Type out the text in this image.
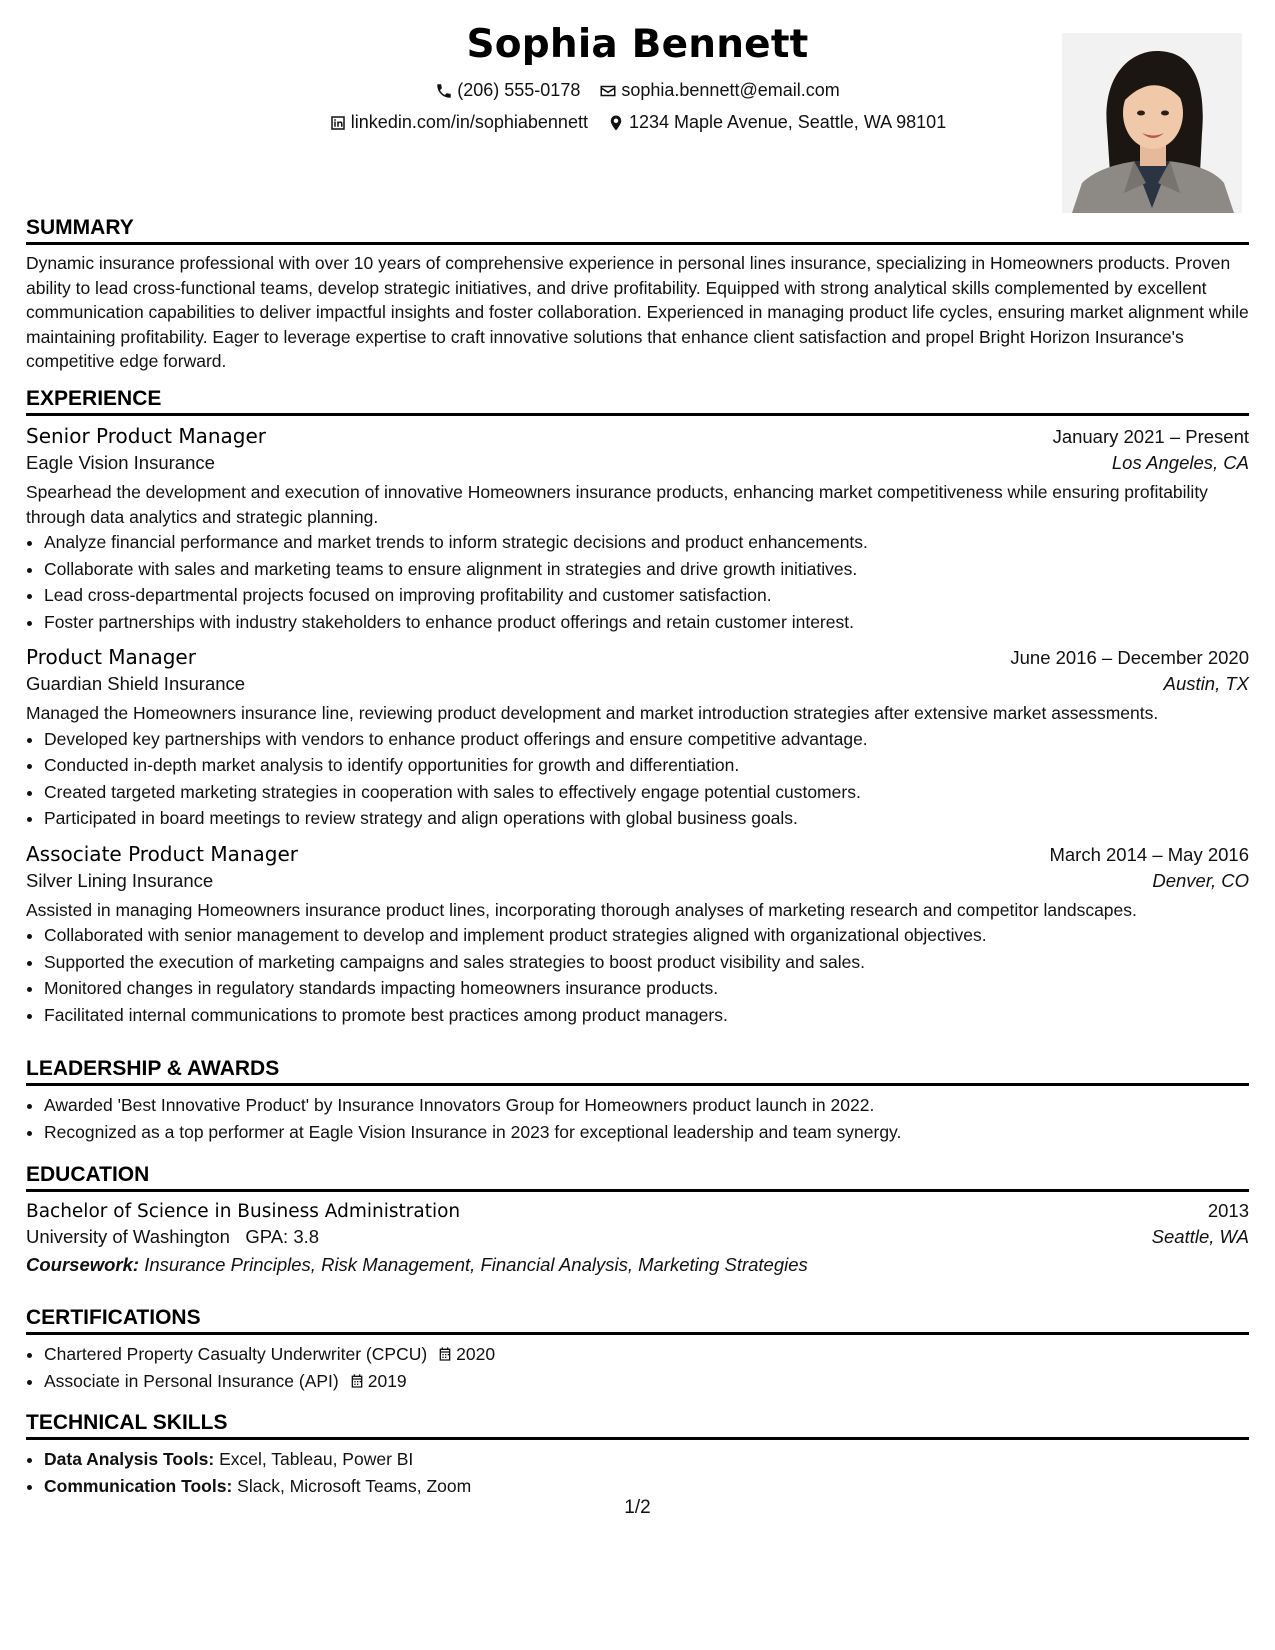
Sophia Bennett
(206) 555-0178
sophia.bennett@email.com
linkedin.com/in/sophiabennett
1234 Maple Avenue, Seattle, WA 98101
SUMMARY
Dynamic insurance professional with over 10 years of comprehensive experience in personal lines insurance, specializing in Homeowners products. Proven ability to lead cross-functional teams, develop strategic initiatives, and drive profitability. Equipped with strong analytical skills complemented by excellent communication capabilities to deliver impactful insights and foster collaboration. Experienced in managing product life cycles, ensuring market alignment while maintaining profitability. Eager to leverage expertise to craft innovative solutions that enhance client satisfaction and propel Bright Horizon Insurance's competitive edge forward.
EXPERIENCE
Senior Product Manager	January 2021 – Present
Eagle Vision Insurance	Los Angeles, CA
Spearhead the development and execution of innovative Homeowners insurance products, enhancing market competitiveness while ensuring profitability through data analytics and strategic planning.
• Analyze financial performance and market trends to inform strategic decisions and product enhancements.
• Collaborate with sales and marketing teams to ensure alignment in strategies and drive growth initiatives.
• Lead cross-departmental projects focused on improving profitability and customer satisfaction.
• Foster partnerships with industry stakeholders to enhance product offerings and retain customer interest.
Product Manager	June 2016 – December 2020
Guardian Shield Insurance	Austin, TX
Managed the Homeowners insurance line, reviewing product development and market introduction strategies after extensive market assessments.
• Developed key partnerships with vendors to enhance product offerings and ensure competitive advantage.
• Conducted in-depth market analysis to identify opportunities for growth and differentiation.
• Created targeted marketing strategies in cooperation with sales to effectively engage potential customers.
• Participated in board meetings to review strategy and align operations with global business goals.
Associate Product Manager	March 2014 – May 2016
Silver Lining Insurance	Denver, CO
Assisted in managing Homeowners insurance product lines, incorporating thorough analyses of marketing research and competitor landscapes.
• Collaborated with senior management to develop and implement product strategies aligned with organizational objectives.
• Supported the execution of marketing campaigns and sales strategies to boost product visibility and sales.
• Monitored changes in regulatory standards impacting homeowners insurance products.
• Facilitated internal communications to promote best practices among product managers.
LEADERSHIP & AWARDS
• Awarded 'Best Innovative Product' by Insurance Innovators Group for Homeowners product launch in 2022.
• Recognized as a top performer at Eagle Vision Insurance in 2023 for exceptional leadership and team synergy.
EDUCATION
Bachelor of Science in Business Administration	2013
University of Washington GPA: 3.8	Seattle, WA
Coursework: Insurance Principles, Risk Management, Financial Analysis, Marketing Strategies
CERTIFICATIONS
• Chartered Property Casualty Underwriter (CPCU) 2020
• Associate in Personal Insurance (API) 2019
TECHNICAL SKILLS
• Data Analysis Tools: Excel, Tableau, Power BI
• Communication Tools: Slack, Microsoft Teams, Zoom
1/2
